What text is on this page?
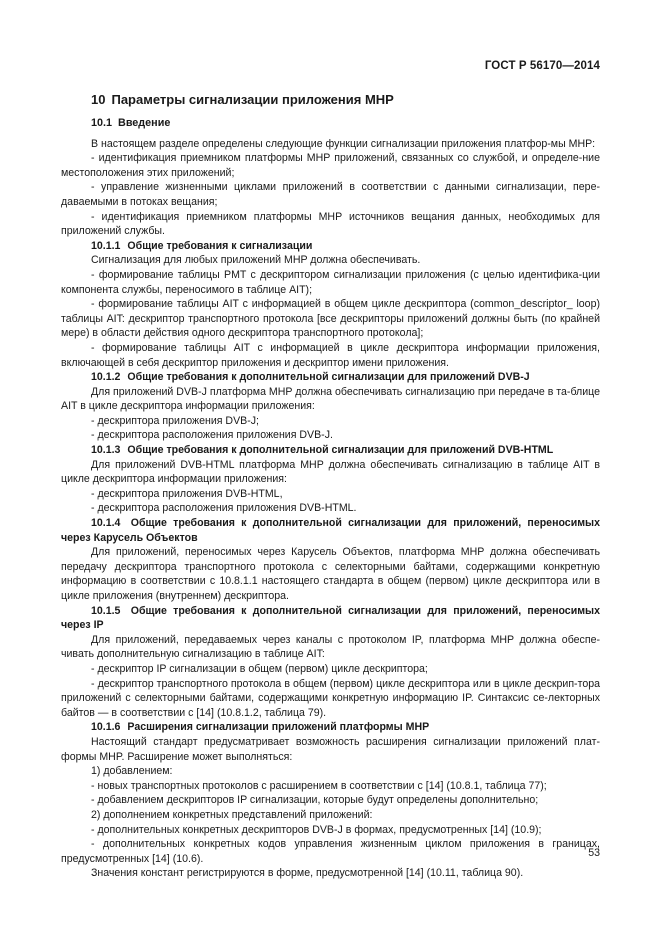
ГОСТ Р 56170—2014
10 Параметры сигнализации приложения MHP
10.1 Введение

В настоящем разделе определены следующие функции сигнализации приложения платфор-мы MHP:

- идентификация приемником платформы MHP приложений, связанных со службой, и определе-ние местоположения этих приложений;

- управление жизненными циклами приложений в соответствии с данными сигнализации, пере-даваемыми в потоках вещания;

- идентификация приемником платформы MHP источников вещания данных, необходимых для приложений службы.

10.1.1 Общие требования к сигнализации

Сигнализация для любых приложений MHP должна обеспечивать.

- формирование таблицы PMT с дескриптором сигнализации приложения (с целью идентифика-ции компонента службы, переносимого в таблице AIT);

- формирование таблицы AIT с информацией в общем цикле дескриптора (common_descriptor_ loop) таблицы AIT: дескриптор транспортного протокола [все дескрипторы приложений должны быть (по крайней мере) в области действия одного дескриптора транспортного протокола];

- формирование таблицы AIT с информацией в цикле дескриптора информации приложения, включающей в себя дескриптор приложения и дескриптор имени приложения.

10.1.2 Общие требования к дополнительной сигнализации для приложений DVB-J

Для приложений DVB-J платформа MHP должна обеспечивать сигнализацию при передаче в та-блице AIT в цикле дескриптора информации приложения:

- дескриптора приложения DVB-J;

- дескриптора расположения приложения DVB-J.

10.1.3 Общие требования к дополнительной сигнализации для приложений DVB-HTML

Для приложений DVB-HTML платформа MHP должна обеспечивать сигнализацию в таблице AIT в цикле дескриптора информации приложения:

- дескриптора приложения DVB-HTML,

- дескриптора расположения приложения DVB-HTML.

10.1.4 Общие требования к дополнительной сигнализации для приложений, переносимых через Карусель Объектов

Для приложений, переносимых через Карусель Объектов, платформа MHP должна обеспечивать передачу дескриптора транспортного протокола с селекторными байтами, содержащими конкретную информацию в соответствии с 10.8.1.1 настоящего стандарта в общем (первом) цикле дескриптора или в цикле приложения (внутреннем) дескриптора.

10.1.5 Общие требования к дополнительной сигнализации для приложений, переносимых через IP

Для приложений, передаваемых через каналы с протоколом IP, платформа MHP должна обеспе-чивать дополнительную сигнализацию в таблице AIT:

- дескриптор IP сигнализации в общем (первом) цикле дескриптора;

- дескриптор транспортного протокола в общем (первом) цикле дескриптора или в цикле дескрип-тора приложений с селекторными байтами, содержащими конкретную информацию IP. Синтаксис се-лекторных байтов — в соответствии с [14] (10.8.1.2, таблица 79).

10.1.6 Расширения сигнализации приложений платформы MHP

Настоящий стандарт предусматривает возможность расширения сигнализации приложений плат-формы MHP. Расширение может выполняться:

1) добавлением:

- новых транспортных протоколов с расширением в соответствии с [14] (10.8.1, таблица 77);

- добавлением дескрипторов IP сигнализации, которые будут определены дополнительно;

2) дополнением конкретных представлений приложений:

- дополнительных конкретных дескрипторов DVB-J в формах, предусмотренных [14] (10.9);

- дополнительных конкретных кодов управления жизненным циклом приложения в границах, предусмотренных [14] (10.6).

Значения констант регистрируются в форме, предусмотренной [14] (10.11, таблица 90).

53
